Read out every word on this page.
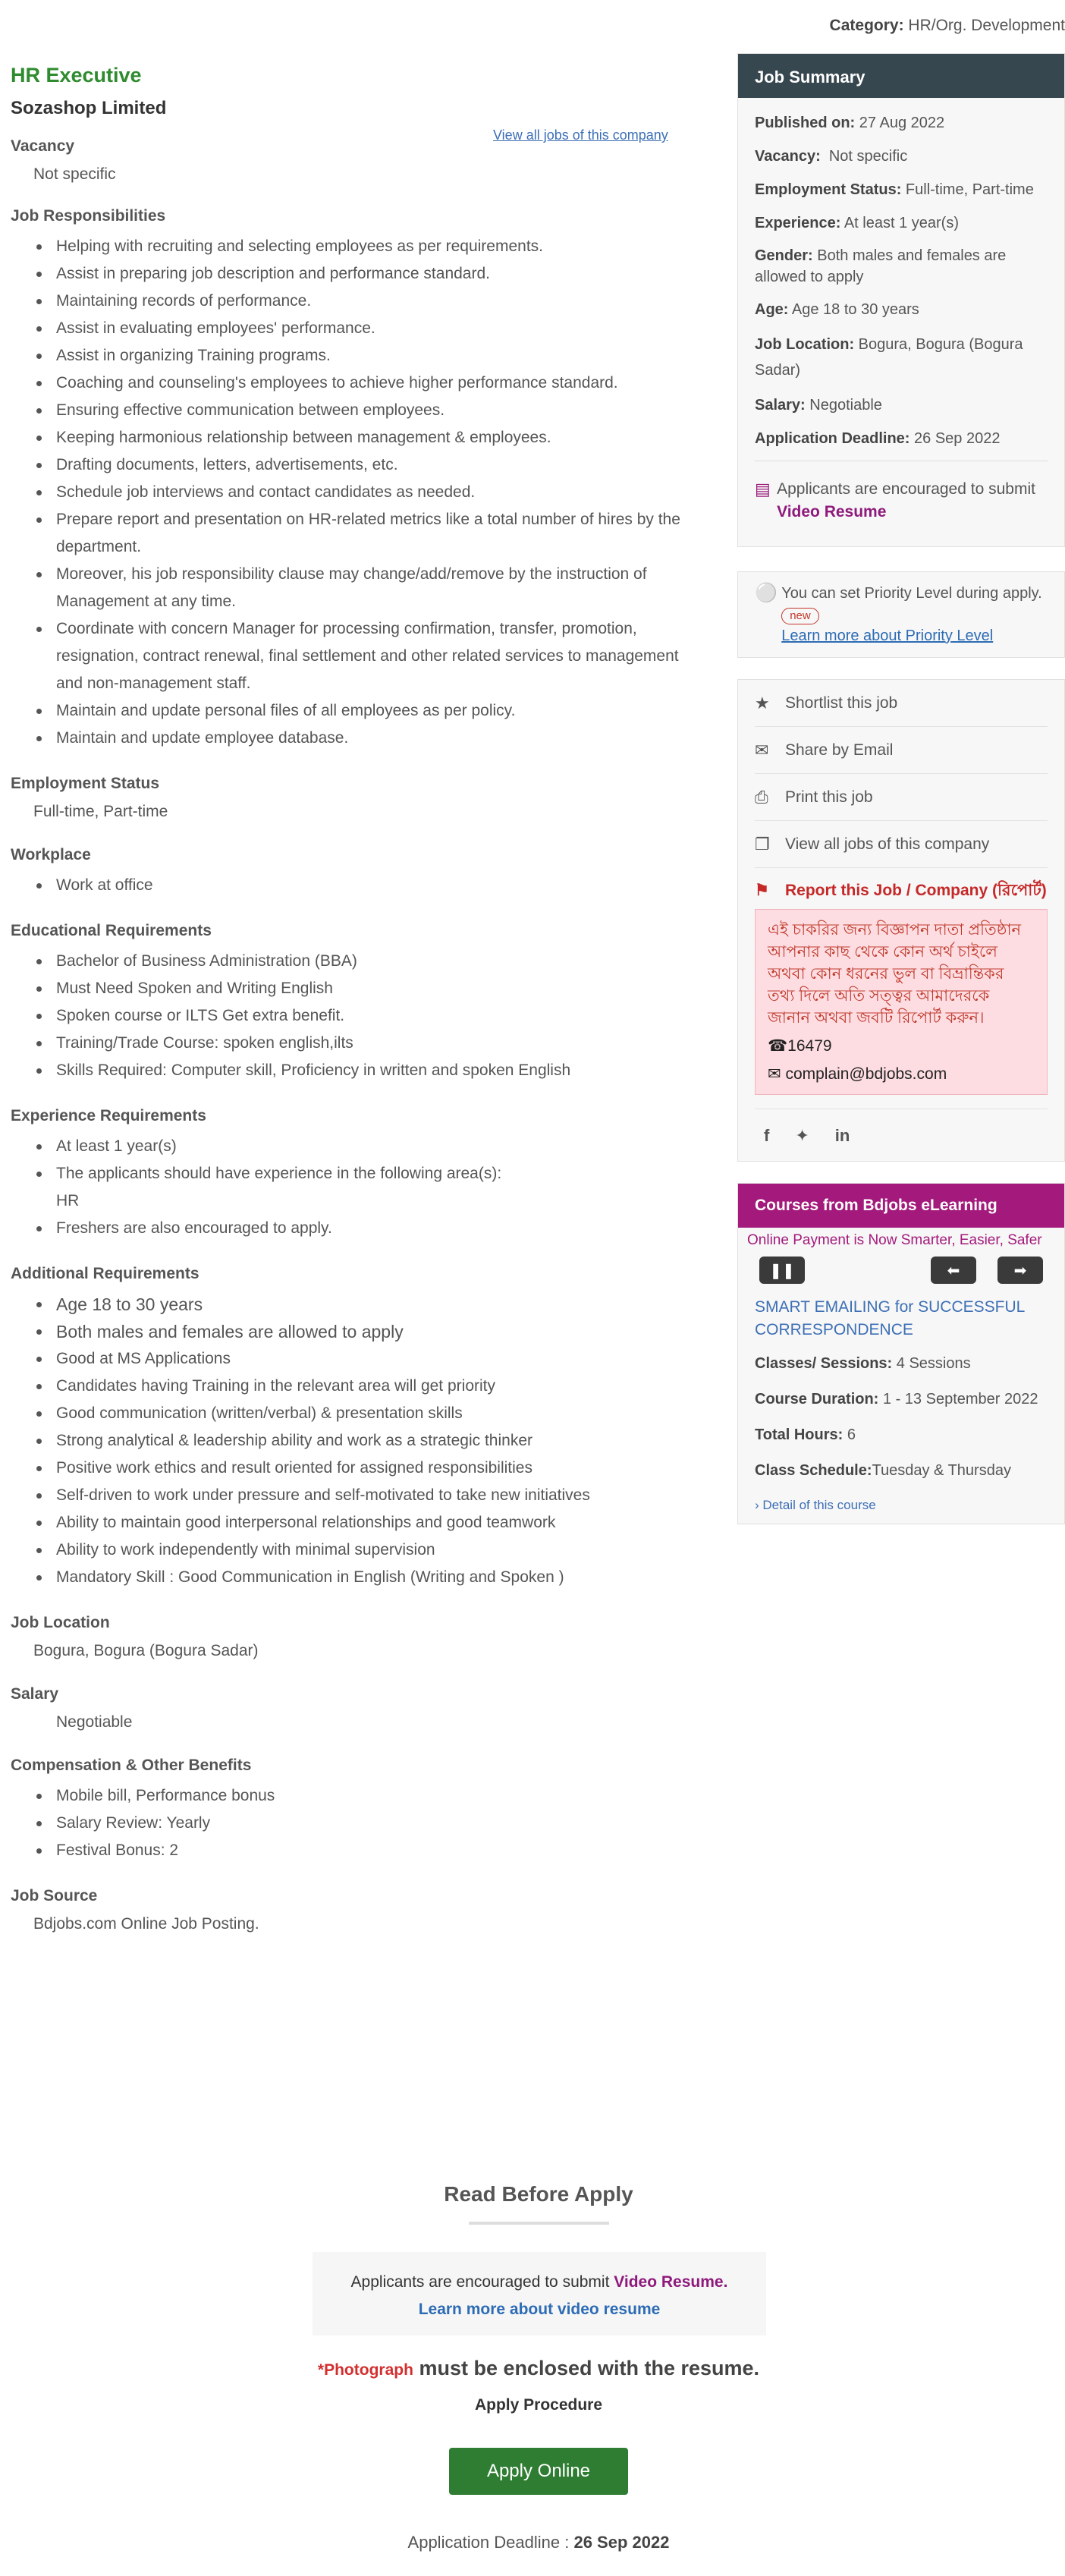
Category: HR/Org. Development
HR Executive
Sozashop Limited
View all jobs of this company
Vacancy
Not specific
Job Responsibilities
Helping with recruiting and selecting employees as per requirements.
Assist in preparing job description and performance standard.
Maintaining records of performance.
Assist in evaluating employees' performance.
Assist in organizing Training programs.
Coaching and counseling's employees to achieve higher performance standard.
Ensuring effective communication between employees.
Keeping harmonious relationship between management & employees.
Drafting documents, letters, advertisements, etc.
Schedule job interviews and contact candidates as needed.
Prepare report and presentation on HR-related metrics like a total number of hires by the department.
Moreover, his job responsibility clause may change/add/remove by the instruction of Management at any time.
Coordinate with concern Manager for processing confirmation, transfer, promotion, resignation, contract renewal, final settlement and other related services to management and non-management staff.
Maintain and update personal files of all employees as per policy.
Maintain and update employee database.
Employment Status
Full-time, Part-time
Workplace
Work at office
Educational Requirements
Bachelor of Business Administration (BBA)
Must Need Spoken and Writing English
Spoken course or ILTS Get extra benefit.
Training/Trade Course: spoken english,ilts
Skills Required: Computer skill, Proficiency in written and spoken English
Experience Requirements
At least 1 year(s)
The applicants should have experience in the following area(s):
HR
Freshers are also encouraged to apply.
Additional Requirements
Age 18 to 30 years
Both males and females are allowed to apply
Good at MS Applications
Candidates having Training in the relevant area will get priority
Good communication (written/verbal) & presentation skills
Strong analytical & leadership ability and work as a strategic thinker
Positive work ethics and result oriented for assigned responsibilities
Self-driven to work under pressure and self-motivated to take new initiatives
Ability to maintain good interpersonal relationships and good teamwork
Ability to work independently with minimal supervision
Mandatory Skill : Good Communication in English (Writing and Spoken )
Job Location
Bogura, Bogura (Bogura Sadar)
Salary
Negotiable
Compensation & Other Benefits
Mobile bill, Performance bonus
Salary Review: Yearly
Festival Bonus: 2
Job Source
Bdjobs.com Online Job Posting.
Job Summary
Published on: 27 Aug 2022
Vacancy: Not specific
Employment Status: Full-time, Part-time
Experience: At least 1 year(s)
Gender: Both males and females are allowed to apply
Age: Age 18 to 30 years
Job Location: Bogura, Bogura (Bogura Sadar)
Salary: Negotiable
Application Deadline: 26 Sep 2022
▤ Applicants are encouraged to submit Video Resume
⚪ You can set Priority Level during apply. new
Learn more about Priority Level
★ Shortlist this job
✉	Share by Email
⎙	Print this job
❐ View all jobs of this company
⚑	Report this Job / Company (রিপোর্ট)
এই চাকরির জন্য বিজ্ঞাপন দাতা প্রতিষ্ঠান আপনার কাছ থেকে কোন অর্থ চাইলে অথবা কোন ধরনের ভুল বা বিভ্রান্তিকর তথ্য দিলে অতি সত্ত্বর আমাদেরকে জানান অথবা জবটি রিপোর্ট করুন।
☎ 16479
✉ complain@bdjobs.com
f ✦ in
Courses from Bdjobs eLearning
Online Payment is Now Smarter, Easier, Safer
❚❚	⬅	➡
SMART EMAILING for SUCCESSFUL CORRESPONDENCE
Classes/ Sessions: 4 Sessions
Course Duration: 1 - 13 September 2022
Total Hours: 6
Class Schedule:Tuesday & Thursday
› Detail of this course
Read Before Apply
Applicants are encouraged to submit Video Resume.
Learn more about video resume
*Photograph must be enclosed with the resume.
Apply Procedure
Apply Online
Application Deadline : 26 Sep 2022
